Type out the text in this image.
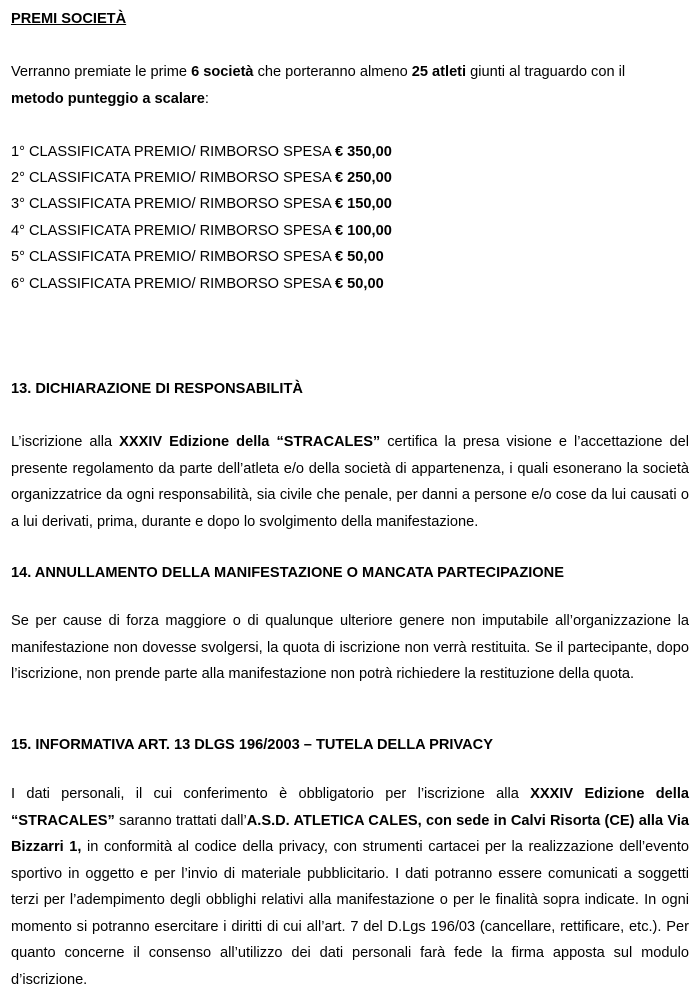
PREMI SOCIETÀ
Verranno premiate le prime 6 società che porteranno almeno 25 atleti giunti al traguardo con il
metodo punteggio a scalare:
1° CLASSIFICATA PREMIO/ RIMBORSO SPESA € 350,00
2° CLASSIFICATA PREMIO/ RIMBORSO SPESA € 250,00
3° CLASSIFICATA PREMIO/ RIMBORSO SPESA € 150,00
4° CLASSIFICATA PREMIO/ RIMBORSO SPESA € 100,00
5° CLASSIFICATA PREMIO/ RIMBORSO SPESA € 50,00
6° CLASSIFICATA PREMIO/ RIMBORSO SPESA € 50,00
13. DICHIARAZIONE DI RESPONSABILITÀ
L’iscrizione alla XXXIV Edizione della “STRACALES” certifica la presa visione e l’accettazione del presente regolamento da parte dell’atleta e/o della società di appartenenza, i quali esonerano la società organizzatrice da ogni responsabilità, sia civile che penale, per danni a persone e/o cose da lui causati o a lui derivati, prima, durante e dopo lo svolgimento della manifestazione.
14. ANNULLAMENTO DELLA MANIFESTAZIONE O MANCATA PARTECIPAZIONE
Se per cause di forza maggiore o di qualunque ulteriore genere non imputabile all’organizzazione la manifestazione non dovesse svolgersi, la quota di iscrizione non verrà restituita. Se il partecipante, dopo l’iscrizione, non prende parte alla manifestazione non potrà richiedere la restituzione della quota.
15. INFORMATIVA ART. 13 DLGS 196/2003 – TUTELA DELLA PRIVACY
I dati personali, il cui conferimento è obbligatorio per l’iscrizione alla XXXIV Edizione della “STRACALES” saranno trattati dall’A.S.D. ATLETICA CALES, con sede in Calvi Risorta (CE) alla Via Bizzarri 1, in conformità al codice della privacy, con strumenti cartacei per la realizzazione dell’evento sportivo in oggetto e per l’invio di materiale pubblicitario. I dati potranno essere comunicati a soggetti terzi per l’adempimento degli obblighi relativi alla manifestazione o per le finalità sopra indicate. In ogni momento si potranno esercitare i diritti di cui all’art. 7 del D.Lgs 196/03 (cancellare, rettificare, etc.). Per quanto concerne il consenso all’utilizzo dei dati personali farà fede la firma apposta sul modulo d’iscrizione.
